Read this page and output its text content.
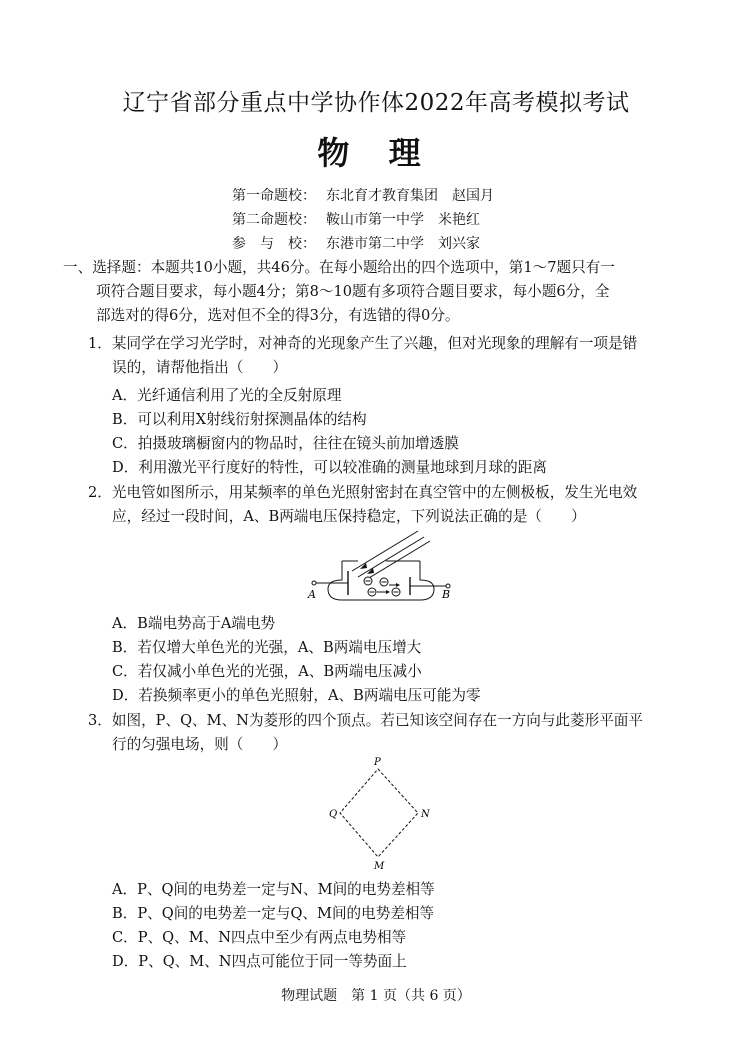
辽宁省部分重点中学协作体2022年高考模拟考试
物 理
第一命题校： 东北育才教育集团　赵国月
第二命题校： 鞍山市第一中学　米艳红
参　与　校： 东港市第二中学　刘兴家
一、选择题：本题共10小题，共46分。在每小题给出的四个选项中，第1～7题只有一
项符合题目要求，每小题4分；第8～10题有多项符合题目要求，每小题6分，全
部选对的得6分，选对但不全的得3分，有选错的得0分。
1．某同学在学习光学时，对神奇的光现象产生了兴趣，但对光现象的理解有一项是错
误的，请帮他指出（　　）
A．光纤通信利用了光的全反射原理
B．可以利用X射线衍射探测晶体的结构
C．拍摄玻璃橱窗内的物品时，往往在镜头前加增透膜
D．利用激光平行度好的特性，可以较准确的测量地球到月球的距离
2．光电管如图所示，用某频率的单色光照射密封在真空管中的左侧极板，发生光电效
应，经过一段时间，A、B两端电压保持稳定，下列说法正确的是（　　）
A	B
A．B端电势高于A端电势
B．若仅增大单色光的光强，A、B两端电压增大
C．若仅减小单色光的光强，A、B两端电压减小
D．若换频率更小的单色光照射，A、B两端电压可能为零
3．如图，P、Q、M、N为菱形的四个顶点。若已知该空间存在一方向与此菱形平面平
行的匀强电场，则（　　）
P
Q	N
M
A．P、Q间的电势差一定与N、M间的电势差相等
B．P、Q间的电势差一定与Q、M间的电势差相等
C．P、Q、M、N四点中至少有两点电势相等
D．P、Q、M、N四点可能位于同一等势面上
物理试题　第 1 页（共 6 页）
